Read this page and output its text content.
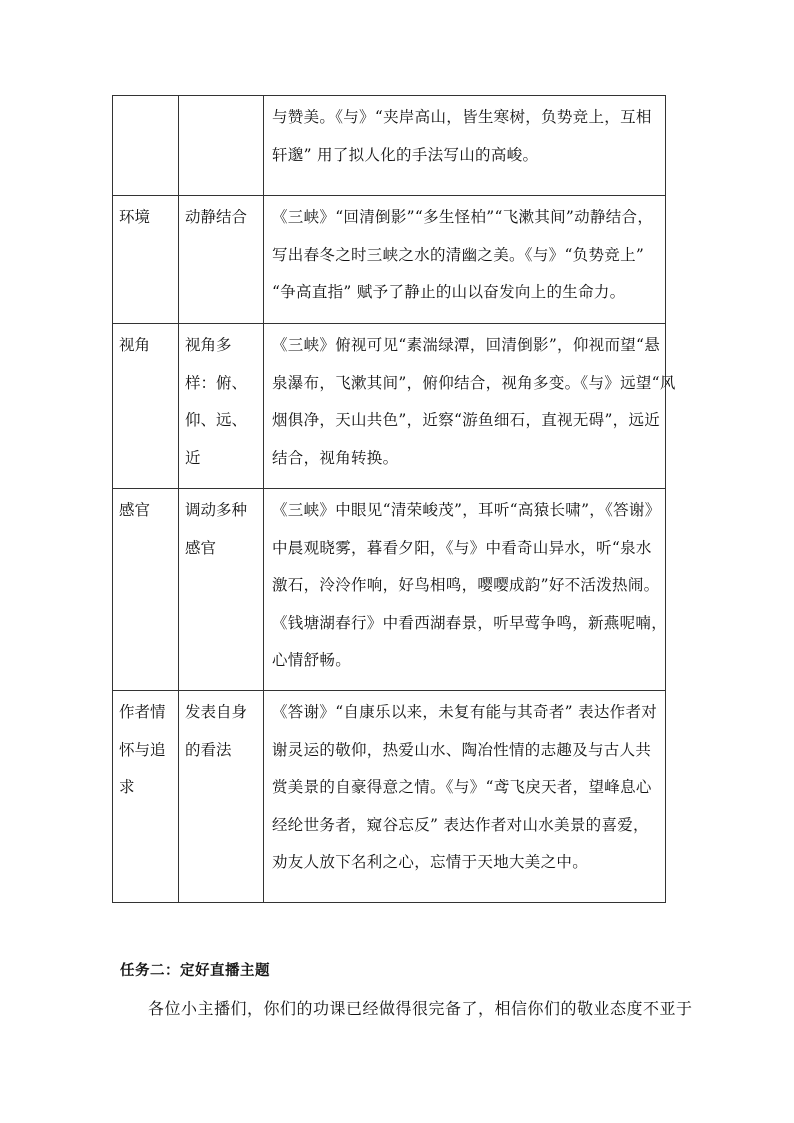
		与赞美。《与》“夹岸高山，皆生寒树，负势竞上，互相
轩邈” 用了拟人化的手法写山的高峻。

环境	动静结合	《三峡》“回清倒影”“多生怪柏”“飞漱其间”动静结合，
写出春冬之时三峡之水的清幽之美。《与》“负势竞上”
“争高直指” 赋予了静止的山以奋发向上的生命力。

视角	视角多样：俯、仰、远、近	《三峡》俯视可见“素湍绿潭，回清倒影”，仰视而望“悬
泉瀑布，飞漱其间”，俯仰结合，视角多变。《与》远望“风
烟俱净，天山共色”，近察“游鱼细石，直视无碍”，远近
结合，视角转换。

感官	调动多种感官	《三峡》中眼见“清荣峻茂”，耳听“高猿长啸”，《答谢》
中晨观晓雾，暮看夕阳，《与》中看奇山异水，听“泉水
激石，泠泠作响，好鸟相鸣，嘤嘤成韵”好不活泼热闹。
《钱塘湖春行》中看西湖春景，听早莺争鸣，新燕呢喃，
心情舒畅。

作者情怀与追求	发表自身的看法	《答谢》“自康乐以来，未复有能与其奇者” 表达作者对
谢灵运的敬仰，热爱山水、陶冶性情的志趣及与古人共
赏美景的自豪得意之情。《与》“鸢飞戾天者，望峰息心
经纶世务者，窥谷忘反” 表达作者对山水美景的喜爱，
劝友人放下名利之心，忘情于天地大美之中。
任务二：定好直播主题
各位小主播们，你们的功课已经做得很完备了，相信你们的敬业态度不亚于
